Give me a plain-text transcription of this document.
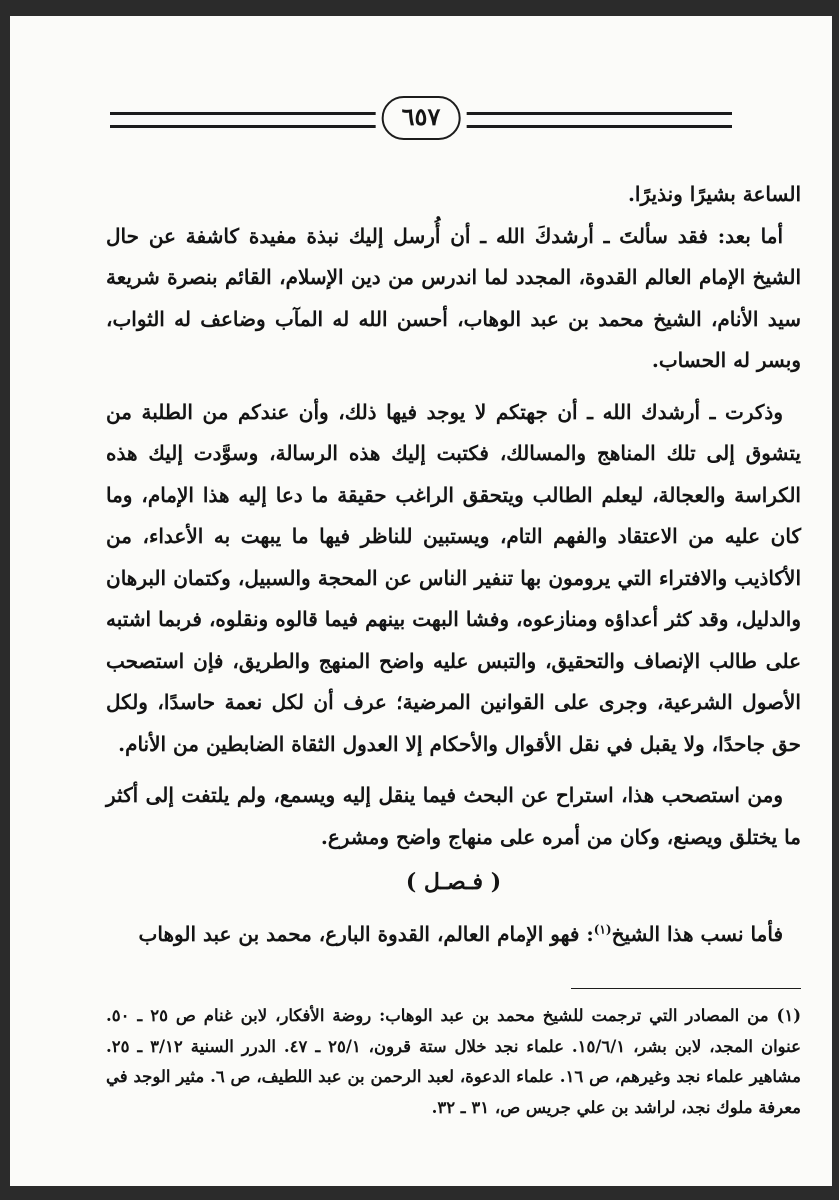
٦٥٧

الساعة بشيرًا ونذيرًا.

أما بعد: فقد سألتَ ـ أرشدكَ الله ـ أن أُرسل إليك نبذة مفيدة كاشفة عن حال الشيخ الإمام العالم القدوة، المجدد لما اندرس من دين الإسلام، القائم بنصرة شريعة سيد الأنام، الشيخ محمد بن عبد الوهاب، أحسن الله له المآب وضاعف له الثواب، وبسر له الحساب.

وذكرت ـ أرشدك الله ـ أن جهتكم لا يوجد فيها ذلك، وأن عندكم من الطلبة من يتشوق إلى تلك المناهج والمسالك، فكتبت إليك هذه الرسالة، وسوَّدت إليك هذه الكراسة والعجالة، ليعلم الطالب ويتحقق الراغب حقيقة ما دعا إليه هذا الإمام، وما كان عليه من الاعتقاد والفهم التام، ويستبين للناظر فيها ما يبهت به الأعداء، من الأكاذيب والافتراء التي يرومون بها تنفير الناس عن المحجة والسبيل، وكتمان البرهان والدليل، وقد كثر أعداؤه ومنازعوه، وفشا البهت بينهم فيما قالوه ونقلوه، فربما اشتبه على طالب الإنصاف والتحقيق، والتبس عليه واضح المنهج والطريق، فإن استصحب الأصول الشرعية، وجرى على القوانين المرضية؛ عرف أن لكل نعمة حاسدًا، ولكل حق جاحدًا، ولا يقبل في نقل الأقوال والأحكام إلا العدول الثقاة الضابطين من الأنام.

ومن استصحب هذا، استراح عن البحث فيما ينقل إليه ويسمع، ولم يلتفت إلى أكثر ما يختلق ويصنع، وكان من أمره على منهاج واضح ومشرع.

( فـصـل )

فأما نسب هذا الشيخ$^{(١)}$: فهو الإمام العالم، القدوة البارع، محمد بن عبد الوهاب

(١) من المصادر التي ترجمت للشيخ محمد بن عبد الوهاب: روضة الأفكار، لابن غنام ص ٢٥ ـ ٥٠. عنوان المجد، لابن بشر، ١٥/٦/١. علماء نجد خلال ستة قرون، ٢٥/١ ـ ٤٧. الدرر السنية ٣/١٢ ـ ٢٥. مشاهير علماء نجد وغيرهم، ص ١٦. علماء الدعوة، لعبد الرحمن بن عبد اللطيف، ص ٦. مثير الوجد في معرفة ملوك نجد، لراشد بن علي جريس ص، ٣١ ـ ٣٢.
